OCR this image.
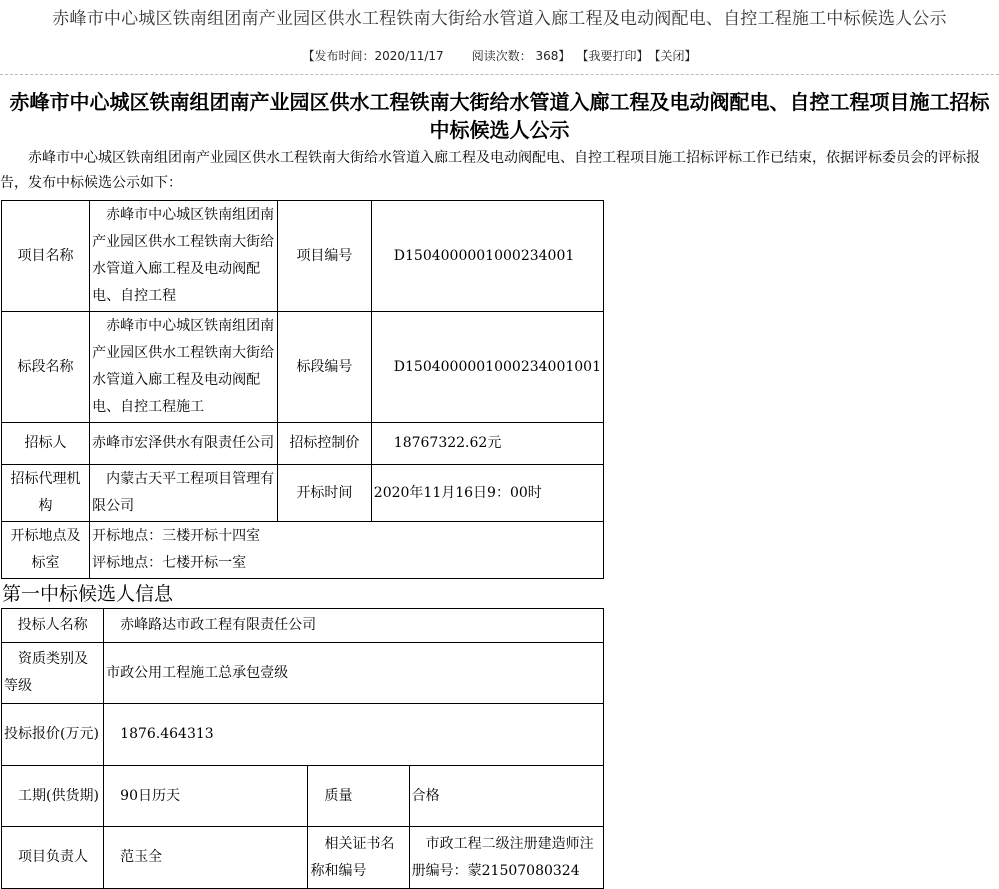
赤峰市中心城区铁南组团南产业园区供水工程铁南大街给水管道入廊工程及电动阀配电、自控工程施工中标候选人公示
【发布时间：2020/11/17 阅读次数： 368】 【我要打印】【关闭】
赤峰市中心城区铁南组团南产业园区供水工程铁南大街给水管道入廊工程及电动阀配电、自控工程项目施工招标中标候选人公示
赤峰市中心城区铁南组团南产业园区供水工程铁南大街给水管道入廊工程及电动阀配电、自控工程项目施工招标评标工作已结束，依据评标委员会的评标报告，发布中标候选公示如下：
项目名称	赤峰市中心城区铁南组团南产业园区供水工程铁南大街给水管道入廊工程及电动阀配电、自控工程	项目编号	D1504000001000234001
标段名称	赤峰市中心城区铁南组团南产业园区供水工程铁南大街给水管道入廊工程及电动阀配电、自控工程施工	标段编号	D1504000001000234001001
招标人	赤峰市宏泽供水有限责任公司	招标控制价	18767322.62元
招标代理机构	内蒙古天平工程项目管理有限公司	开标时间	2020年11月16日9：00时
开标地点及标室	开标地点：三楼开标十四室
评标地点：七楼开标一室		
第一中标候选人信息
投标人名称	赤峰路达市政工程有限责任公司		
资质类别及等级	市政公用工程施工总承包壹级		
投标报价(万元)	1876.464313		
工期(供货期)	90日历天	质量	合格
项目负责人	范玉全	相关证书名称和编号	市政工程二级注册建造师注册编号：蒙21507080324
